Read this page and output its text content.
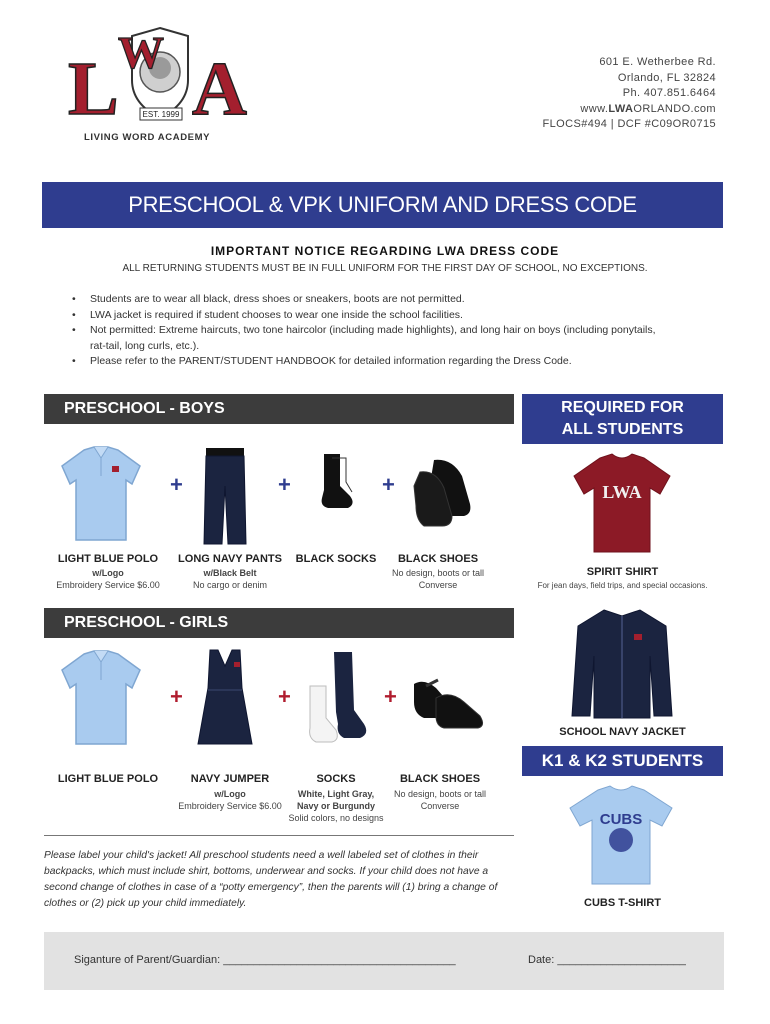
L W A
EST. 1999
LIVING WORD ACADEMY
601 E. Wetherbee Rd.
Orlando, FL 32824
Ph. 407.851.6464
www.LWAORLANDO.com
FLOCS#494 | DCF #C09OR0715
PRESCHOOL & VPK UNIFORM AND DRESS CODE
IMPORTANT NOTICE REGARDING LWA DRESS CODE
ALL RETURNING STUDENTS MUST BE IN FULL UNIFORM FOR THE FIRST DAY OF SCHOOL, NO EXCEPTIONS.
• Students are to wear all black, dress shoes or sneakers, boots are not permitted.
• LWA jacket is required if student chooses to wear one inside the school facilities.
• Not permitted: Extreme haircuts, two tone haircolor (including made highlights), and long hair on boys (including ponytails, rat-tail, long curls, etc.).
• Please refer to the PARENT/STUDENT HANDBOOK for detailed information regarding the Dress Code.
PRESCHOOL - BOYS
+	+	+
LIGHT BLUE POLO
w/Logo
Embroidery Service $6.00
LONG NAVY PANTS
w/Black Belt
No cargo or denim
BLACK SOCKS	BLACK SHOES
No design, boots or tall
Converse
PRESCHOOL - GIRLS
+	+	+
LIGHT BLUE POLO	NAVY JUMPER
w/Logo
Embroidery Service $6.00
SOCKS
White, Light Gray,
Navy or Burgundy
Solid colors, no designs
BLACK SHOES
No design, boots or tall
Converse
REQUIRED FOR
ALL STUDENTS
LWA
SPIRIT SHIRT
For jean days, field trips, and special occasions.
SCHOOL NAVY JACKET
K1 & K2 STUDENTS
CUBS
CUBS T-SHIRT
Please label your child's jacket! All preschool students need a well labeled set of clothes in their backpacks, which must include shirt, bottoms, underwear and socks. If your child does not have a second change of clothes in case of a “potty emergency”, then the parents will (1) bring a change of clothes or (2) pick up your child immediately.
Siganture of Parent/Guardian: ______________________________________	Date: _____________________
